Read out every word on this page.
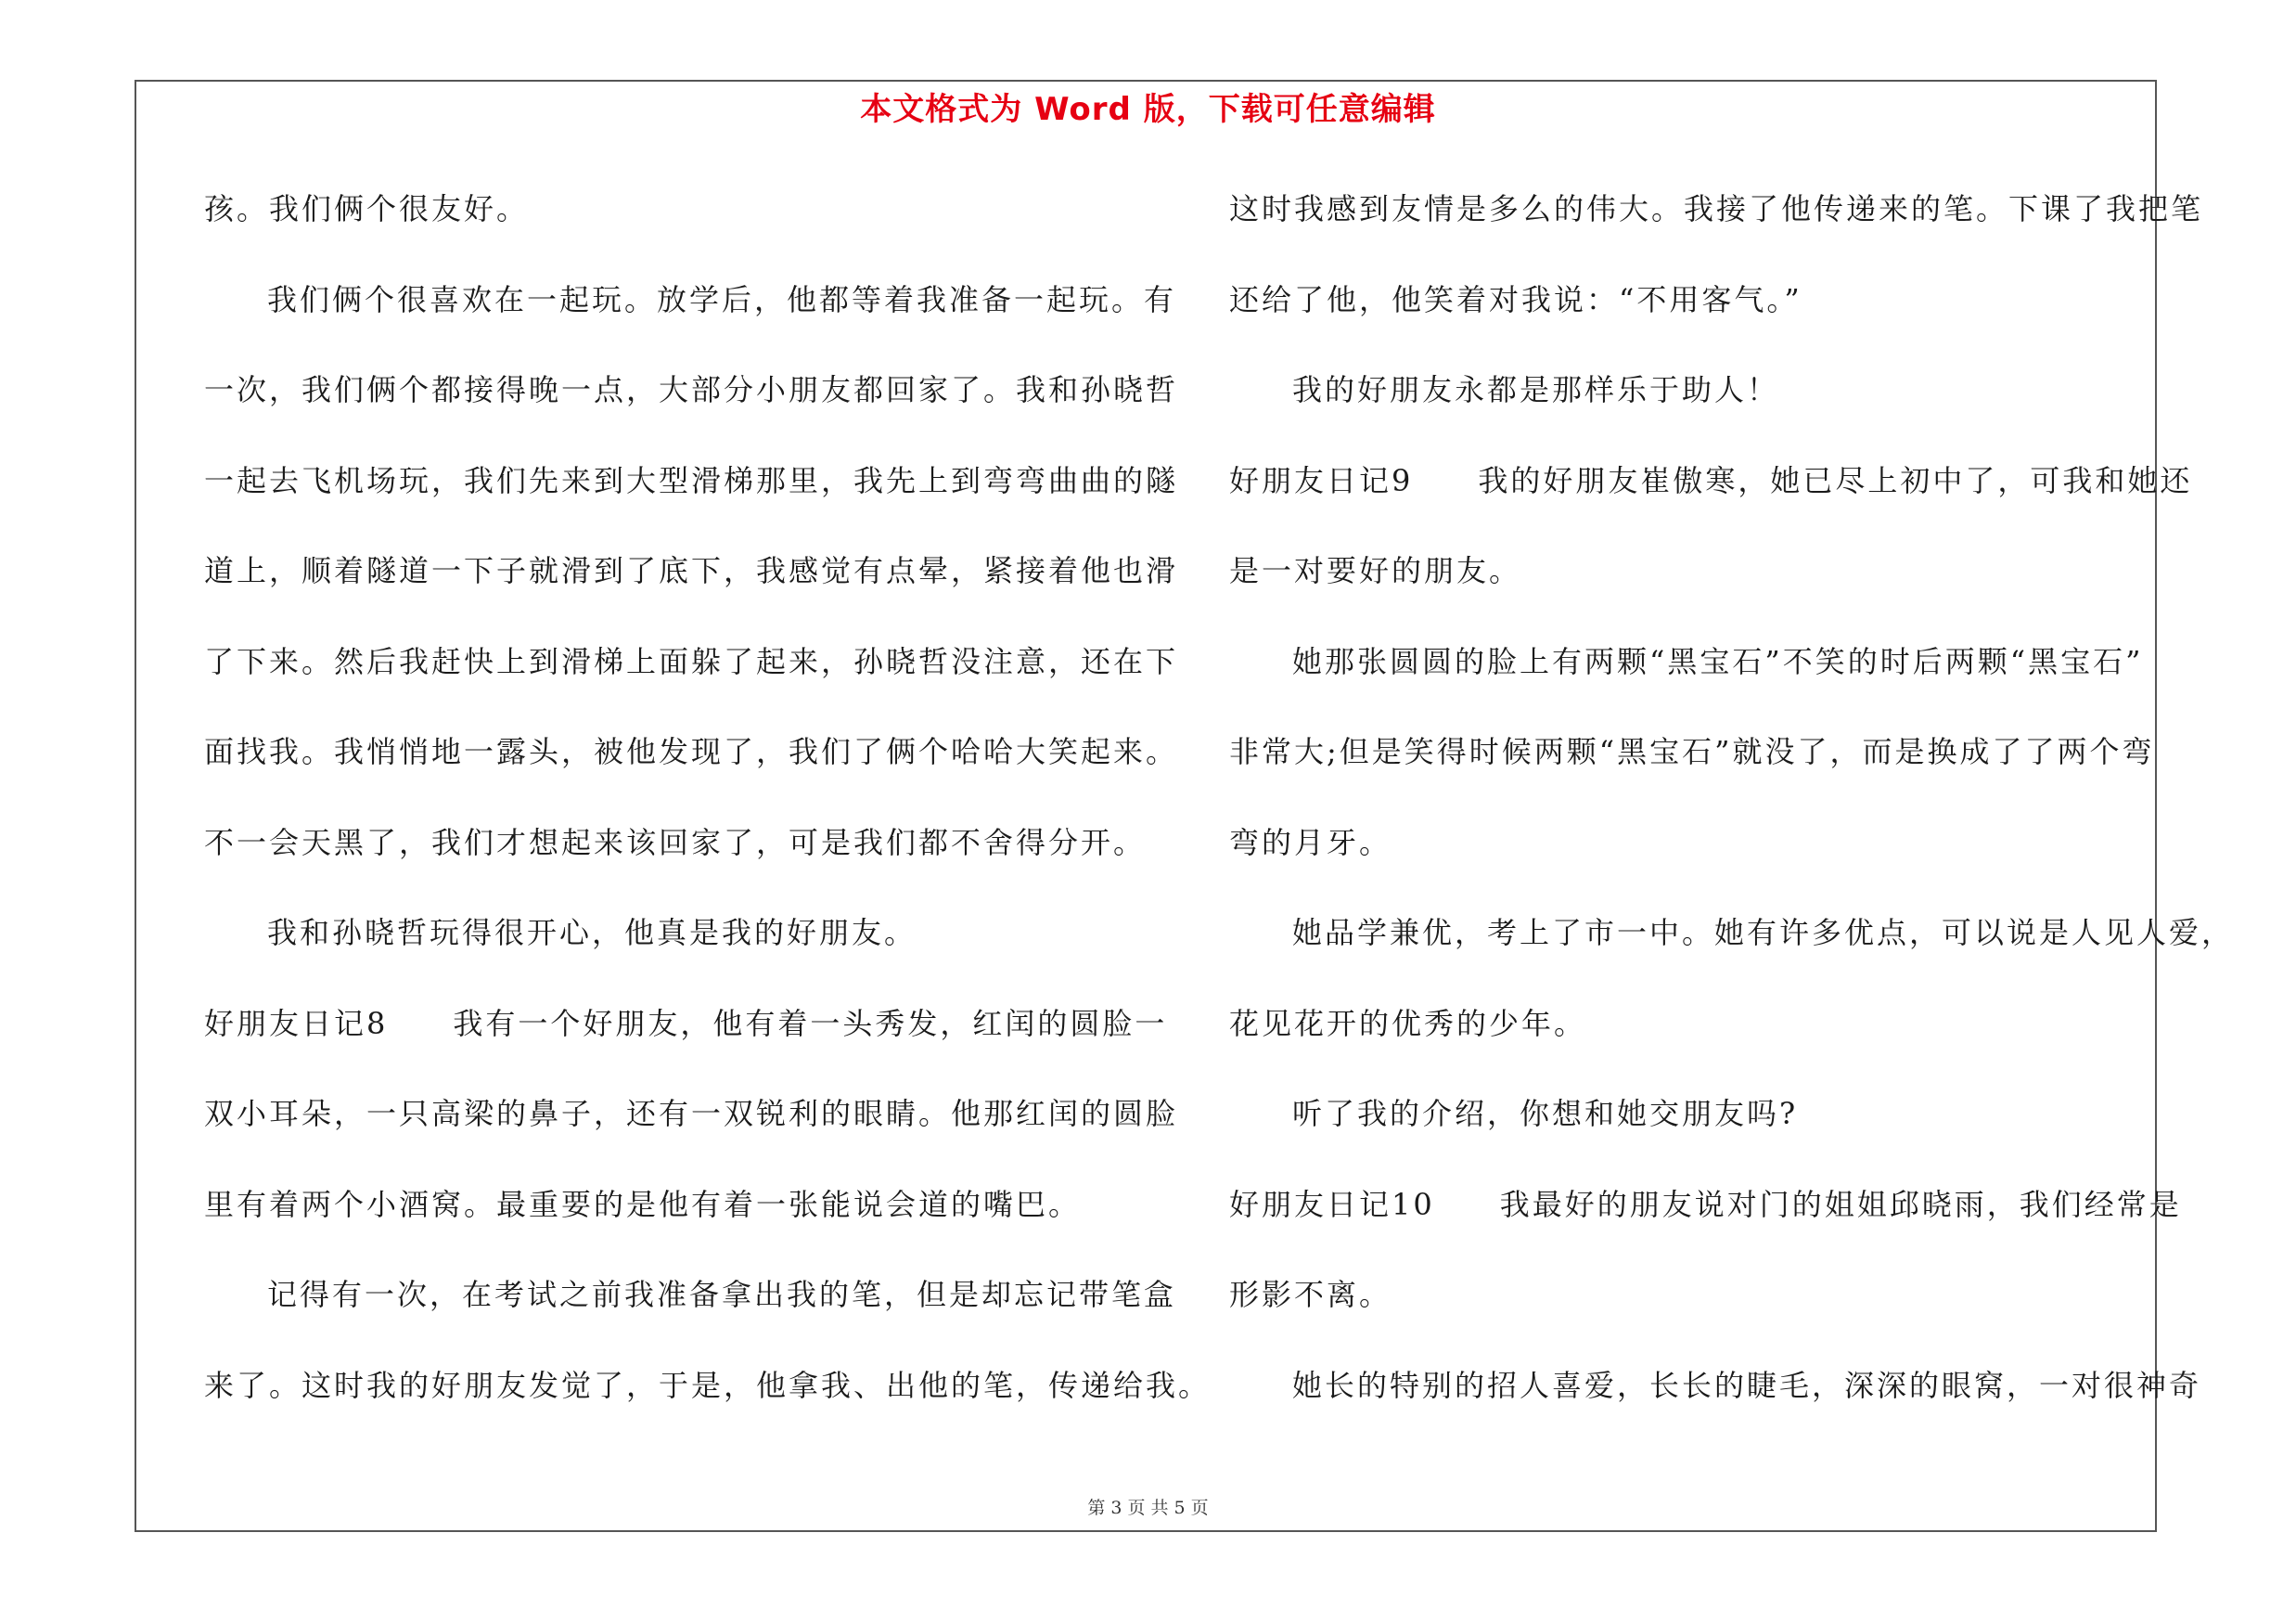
本文格式为 Word 版，下载可任意编辑
孩。我们俩个很友好。
我们俩个很喜欢在一起玩。放学后，他都等着我准备一起玩。有
一次，我们俩个都接得晚一点，大部分小朋友都回家了。我和孙晓哲
一起去飞机场玩，我们先来到大型滑梯那里，我先上到弯弯曲曲的隧
道上，顺着隧道一下子就滑到了底下，我感觉有点晕，紧接着他也滑
了下来。然后我赶快上到滑梯上面躲了起来，孙晓哲没注意，还在下
面找我。我悄悄地一露头，被他发现了，我们了俩个哈哈大笑起来。
不一会天黑了，我们才想起来该回家了，可是我们都不舍得分开。
我和孙晓哲玩得很开心，他真是我的好朋友。
好朋友日记8　　我有一个好朋友，他有着一头秀发，红闰的圆脸一
双小耳朵，一只高梁的鼻子，还有一双锐利的眼睛。他那红闰的圆脸
里有着两个小酒窝。最重要的是他有着一张能说会道的嘴巴。
记得有一次，在考试之前我准备拿出我的笔，但是却忘记带笔盒
来了。这时我的好朋友发觉了，于是，他拿我、出他的笔，传递给我。
这时我感到友情是多么的伟大。我接了他传递来的笔。下课了我把笔
还给了他，他笑着对我说：“不用客气。”
我的好朋友永都是那样乐于助人！
好朋友日记9　　我的好朋友崔傲寒，她已尽上初中了，可我和她还
是一对要好的朋友。
她那张圆圆的脸上有两颗“黑宝石”不笑的时后两颗“黑宝石”
非常大;但是笑得时候两颗“黑宝石”就没了，而是换成了了两个弯
弯的月牙。
她品学兼优，考上了市一中。她有许多优点，可以说是人见人爱，
花见花开的优秀的少年。
听了我的介绍，你想和她交朋友吗?
好朋友日记10　　我最好的朋友说对门的姐姐邱晓雨，我们经常是
形影不离。
她长的特别的招人喜爱，长长的睫毛，深深的眼窝，一对很神奇
第 3 页 共 5 页
